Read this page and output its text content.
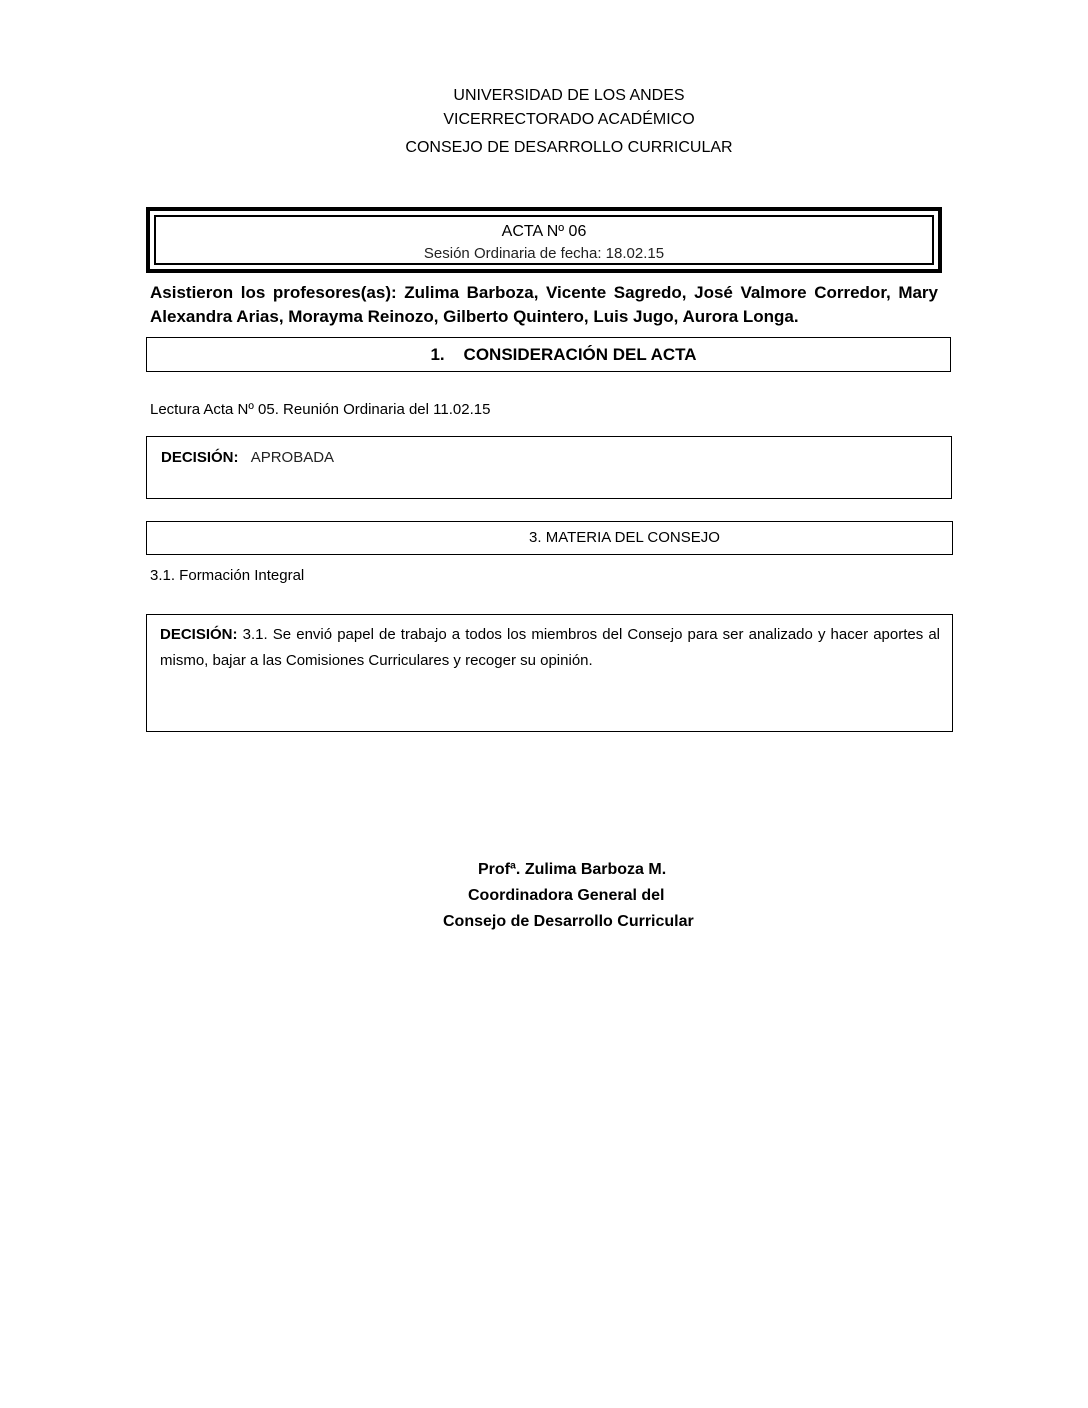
UNIVERSIDAD DE LOS ANDES
VICERRECTORADO ACADÉMICO
CONSEJO DE DESARROLLO CURRICULAR
ACTA Nº 06
Sesión Ordinaria de fecha: 18.02.15
Asistieron los profesores(as): Zulima Barboza, Vicente Sagredo, José Valmore Corredor, Mary Alexandra Arias, Morayma Reinozo, Gilberto Quintero, Luis Jugo, Aurora Longa.
1. CONSIDERACIÓN DEL ACTA
Lectura Acta Nº 05. Reunión Ordinaria del 11.02.15
DECISIÓN: APROBADA
3. MATERIA DEL CONSEJO
3.1. Formación Integral
DECISIÓN: 3.1. Se envió papel de trabajo a todos los miembros del Consejo para ser analizado y hacer aportes al mismo, bajar a las Comisiones Curriculares y recoger su opinión.
Profª. Zulima Barboza M.
Coordinadora General del
Consejo de Desarrollo Curricular
